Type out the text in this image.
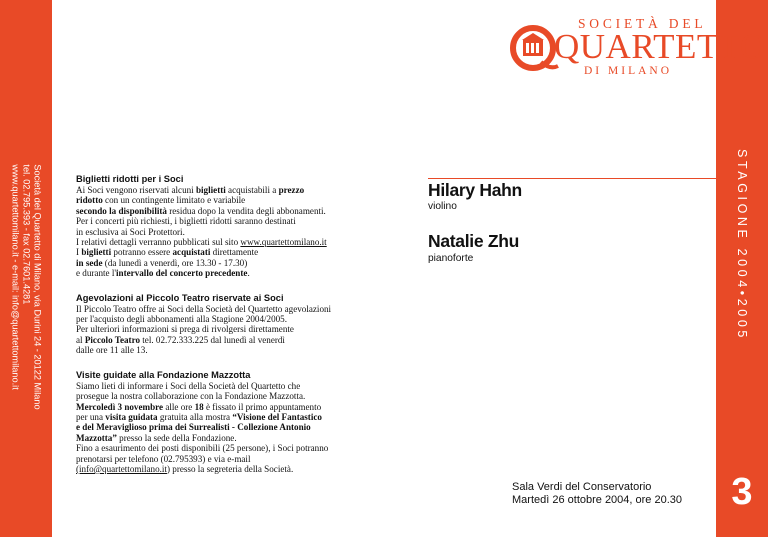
Società del Quartetto di Milano, via Durini 24 - 20122 Milano
tel. 02.795.393 - fax 02.7601.4281
www.quartettomilano.it - e-mail: info@quartettomilano.it	STAGIONE 2004•2005
3
SOCIETÀ DEL
QUARTETTO
DI MILANO
Biglietti ridotti per i Soci
Ai Soci vengono riservati alcuni biglietti acquistabili a prezzo
ridotto con un contingente limitato e variabile
secondo la disponibilità residua dopo la vendita degli abbonamenti.
Per i concerti più richiesti, i biglietti ridotti saranno destinati
in esclusiva ai Soci Protettori.
I relativi dettagli verranno pubblicati sul sito www.quartettomilano.it
I biglietti potranno essere acquistati direttamente
in sede (da lunedì a venerdì, ore 13.30 - 17.30)
e durante l'intervallo del concerto precedente.
Agevolazioni al Piccolo Teatro riservate ai Soci
Il Piccolo Teatro offre ai Soci della Società del Quartetto agevolazioni
per l'acquisto degli abbonamenti alla Stagione 2004/2005.
Per ulteriori informazioni si prega di rivolgersi direttamente
al Piccolo Teatro tel. 02.72.333.225 dal lunedì al venerdì
dalle ore 11 alle 13.
Visite guidate alla Fondazione Mazzotta
Siamo lieti di informare i Soci della Società del Quartetto che
prosegue la nostra collaborazione con la Fondazione Mazzotta.
Mercoledì 3 novembre alle ore 18 è fissato il primo appuntamento
per una visita guidata gratuita alla mostra “Visione del Fantastico
e del Meraviglioso prima dei Surrealisti - Collezione Antonio
Mazzotta” presso la sede della Fondazione.
Fino a esaurimento dei posti disponibili (25 persone), i Soci potranno
prenotarsi per telefono (02.795393) e via e-mail
(info@quartettomilano.it) presso la segreteria della Società.
Hilary Hahn
violino
Natalie Zhu
pianoforte
Sala Verdi del Conservatorio
Martedì 26 ottobre 2004, ore 20.30
